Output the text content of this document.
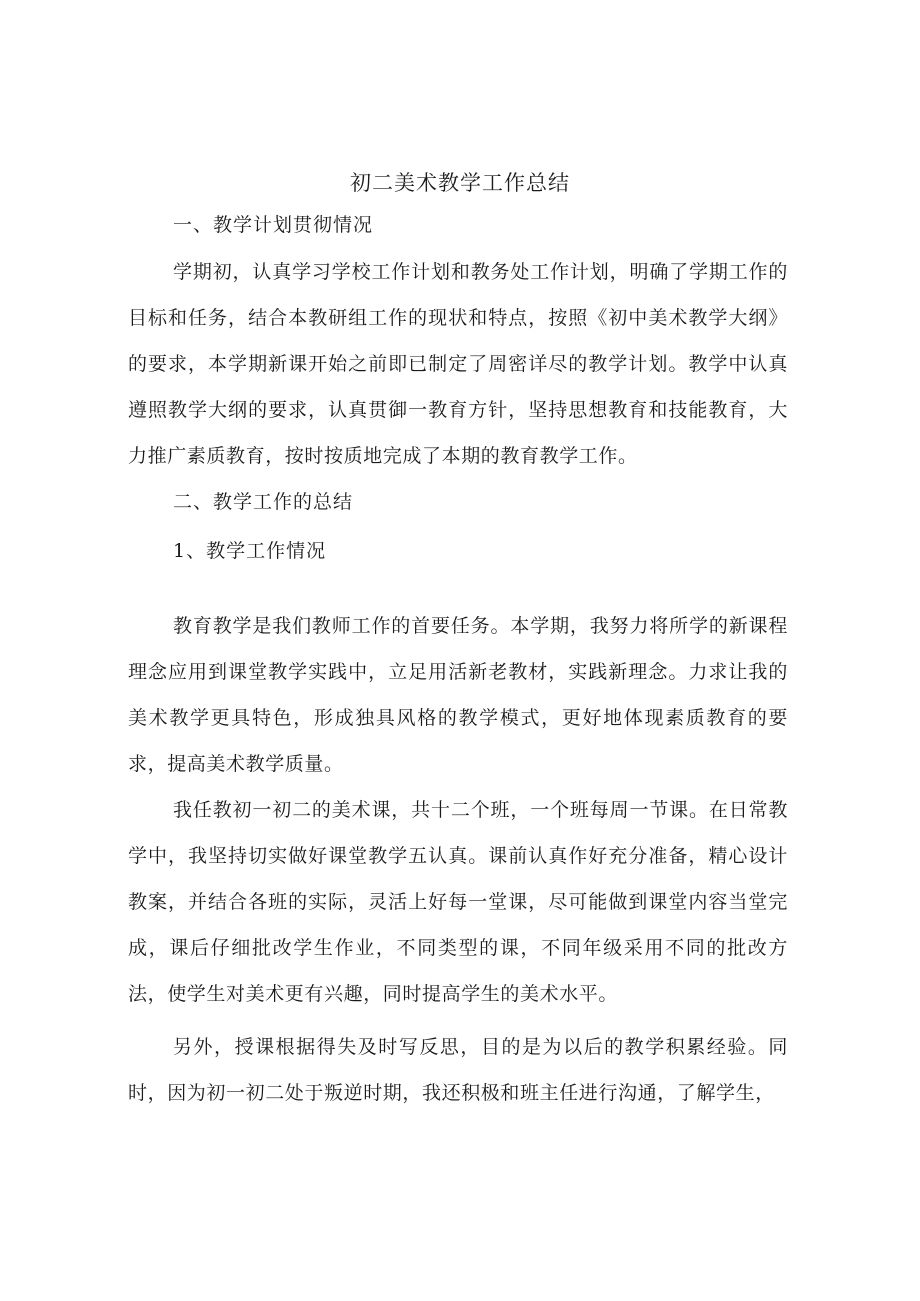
初二美术教学工作总结
一、教学计划贯彻情况

学期初，认真学习学校工作计划和教务处工作计划，明确了学期工作的目标和任务，结合本教研组工作的现状和特点，按照《初中美术教学大纲》的要求，本学期新课开始之前即已制定了周密详尽的教学计划。教学中认真遵照教学大纲的要求，认真贯御一教育方针，坚持思想教育和技能教育，大力推广素质教育，按时按质地完成了本期的教育教学工作。

二、教学工作的总结
1、教学工作情况

教育教学是我们教师工作的首要任务。本学期，我努力将所学的新课程理念应用到课堂教学实践中，立足用活新老教材，实践新理念。力求让我的美术教学更具特色，形成独具风格的教学模式，更好地体现素质教育的要求，提高美术教学质量。

我任教初一初二的美术课，共十二个班，一个班每周一节课。在日常教学中，我坚持切实做好课堂教学五认真。课前认真作好充分准备，精心设计教案，并结合各班的实际，灵活上好每一堂课，尽可能做到课堂内容当堂完成，课后仔细批改学生作业，不同类型的课，不同年级采用不同的批改方法，使学生对美术更有兴趣，同时提高学生的美术水平。

另外，授课根据得失及时写反思，目的是为以后的教学积累经验。同时，因为初一初二处于叛逆时期，我还积极和班主任进行沟通，了解学生，
